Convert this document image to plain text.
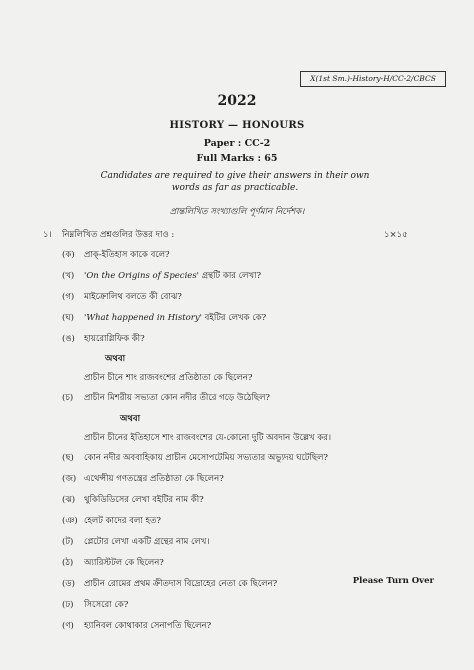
X(1st Sm.)-History-H/CC-2/CBCS
2022
HISTORY — HONOURS
Paper : CC-2
Full Marks : 65
Candidates are required to give their answers in their own words as far as practicable.
প্রান্তলিখিত সংখ্যাগুলি পূর্ণমান নির্দেশক।
১। নিম্নলিখিত প্রশ্নগুলির উত্তর দাও :	১×১৫
(ক) প্রাক্-ইতিহাস কাকে বলে?
(খ) 'On the Origins of Species' গ্রন্থটি কার লেখা?
(গ) মাইক্রোলিথ বলতে কী বোঝ?
(ঘ) 'What happened in History' বইটির লেখক কে?
(ঙ) হায়রোগ্লিফিক কী?
অথবা
প্রাচীন চীনে শাং রাজবংশের প্রতিষ্ঠাতা কে ছিলেন?
(চ) প্রাচীন মিশরীয় সভ্যতা কোন নদীর তীরে গড়ে উঠেছিল?
অথবা
প্রাচীন চীনের ইতিহাসে শাং রাজবংশের যে-কোনো দুটি অবদান উল্লেখ কর।
(ছ) কোন নদীর অববাহিকায় প্রাচীন মেসোপটেমিয় সভ্যতার অভ্যুদয় ঘটেছিল?
(জ) এথেন্সীয় গণতন্ত্রের প্রতিষ্ঠাতা কে ছিলেন?
(ঝ) থুকিডিডিসের লেখা বইটির নাম কী?
(ঞ) হেলট কাদের বলা হত?
(ট) প্লেটোর লেখা একটি গ্রন্থের নাম লেখ।
(ঠ) অ্যারিস্টটল কে ছিলেন?
(ড) প্রাচীন রোমের প্রথম ক্রীতদাস বিদ্রোহের নেতা কে ছিলেন?
(ঢ) সিসেরো কে?
(ণ) হ্যানিবল কোথাকার সেনাপতি ছিলেন?
Please Turn Over
